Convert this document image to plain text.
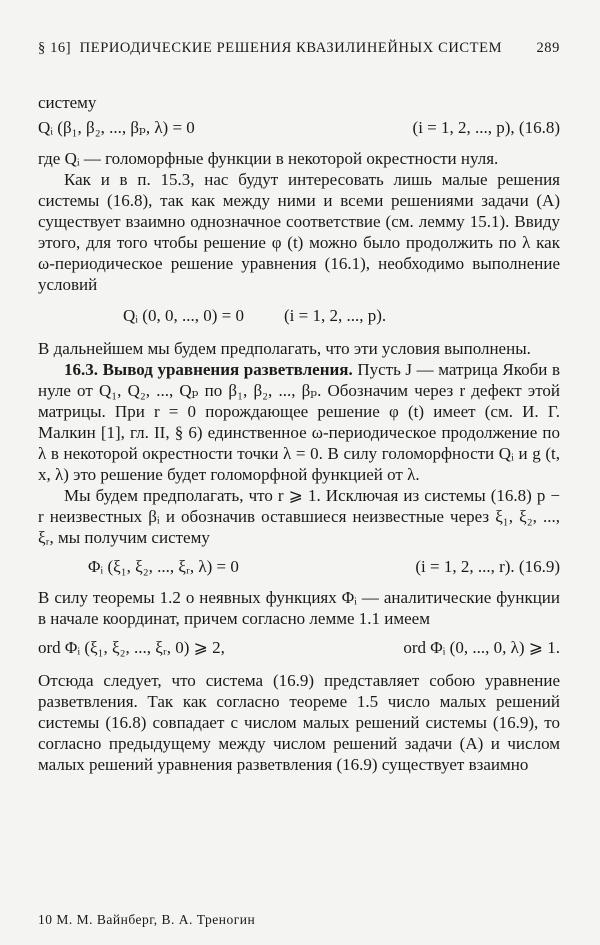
§ 16] ПЕРИОДИЧЕСКИЕ РЕШЕНИЯ КВАЗИЛИНЕЙНЫХ СИСТЕМ 289

систему

Qᵢ (β₁, β₂, ..., βₚ, λ) = 0	(i = 1, 2, ..., p), (16.8)

где Qᵢ — голоморфные функции в некоторой окрестности нуля.

Как и в п. 15.3, нас будут интересовать лишь малые решения системы (16.8), так как между ними и всеми решениями задачи (A) существует взаимно однозначное соответствие (см. лемму 15.1). Ввиду этого, для того чтобы решение φ (t) можно было продолжить по λ как ω-периодическое решение уравнения (16.1), необходимо выполнение условий

Qᵢ (0, 0, ..., 0) = 0 (i = 1, 2, ..., p).

В дальнейшем мы будем предполагать, что эти условия выполнены.

16.3. Вывод уравнения разветвления. Пусть J — матрица Якоби в нуле от Q₁, Q₂, ..., Qₚ по β₁, β₂, ..., βₚ. Обозначим через r дефект этой матрицы. При r = 0 порождающее решение φ (t) имеет (см. И. Г. Малкин [1], гл. II, § 6) единственное ω-периодическое продолжение по λ в некоторой окрестности точки λ = 0. В силу голоморфности Qᵢ и g (t, x, λ) это решение будет голоморфной функцией от λ.

Мы будем предполагать, что r ⩾ 1. Исключая из системы (16.8) p − r неизвестных βᵢ и обозначив оставшиеся неизвестные через ξ₁, ξ₂, ..., ξᵣ, мы получим систему

Φᵢ (ξ₁, ξ₂, ..., ξᵣ, λ) = 0	(i = 1, 2, ..., r). (16.9)

В силу теоремы 1.2 о неявных функциях Φᵢ — аналитические функции в начале координат, причем согласно лемме 1.1 имеем

ord Φᵢ (ξ₁, ξ₂, ..., ξᵣ, 0) ⩾ 2,	ord Φᵢ (0, ..., 0, λ) ⩾ 1.

Отсюда следует, что система (16.9) представляет собою уравнение разветвления. Так как согласно теореме 1.5 число малых решений системы (16.8) совпадает с числом малых решений системы (16.9), то согласно предыдущему между числом решений задачи (A) и числом малых решений уравнения разветвления (16.9) существует взаимно

10 М. М. Вайнберг, В. А. Треногин
